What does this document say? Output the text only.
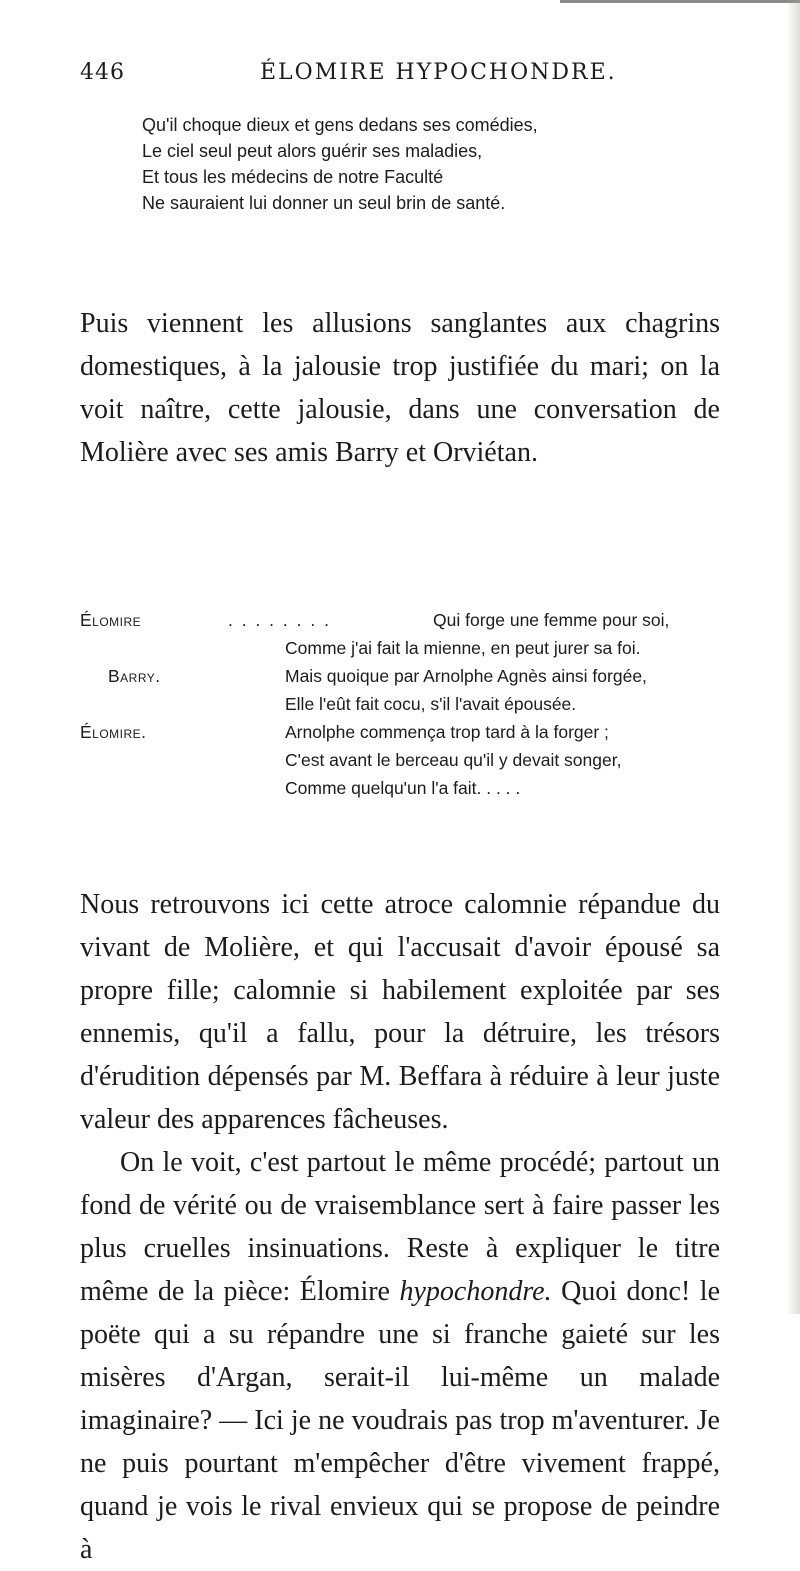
446	ÉLOMIRE HYPOCHONDRE.
Qu'il choque dieux et gens dedans ses comédies,
Le ciel seul peut alors guérir ses maladies,
Et tous les médecins de notre Faculté
Ne sauraient lui donner un seul brin de santé.

Puis viennent les allusions sanglantes aux chagrins domestiques, à la jalousie trop justifiée du mari; on la voit naître, cette jalousie, dans une conversation de Molière avec ses amis Barry et Orviétan.

Élomire	. . . . . . . .	Qui forge une femme pour soi,
Comme j'ai fait la mienne, en peut jurer sa foi.
Barry.	Mais quoique par Arnolphe Agnès ainsi forgée,
Elle l'eût fait cocu, s'il l'avait épousée.
Élomire.	Arnolphe commença trop tard à la forger ;
C'est avant le berceau qu'il y devait songer,
Comme quelqu'un l'a fait. . . . .

Nous retrouvons ici cette atroce calomnie répandue du vivant de Molière, et qui l'accusait d'avoir épousé sa propre fille; calomnie si habilement exploitée par ses ennemis, qu'il a fallu, pour la détruire, les trésors d'érudition dépensés par M. Beffara à réduire à leur juste valeur des apparences fâcheuses.

On le voit, c'est partout le même procédé; partout un fond de vérité ou de vraisemblance sert à faire passer les plus cruelles insinuations. Reste à expliquer le titre même de la pièce: Élomire hypochondre. Quoi donc! le poëte qui a su répandre une si franche gaieté sur les misères d'Argan, serait-il lui-même un malade imaginaire? — Ici je ne voudrais pas trop m'aventurer. Je ne puis pourtant m'empêcher d'être vivement frappé, quand je vois le rival envieux qui se propose de peindre à
